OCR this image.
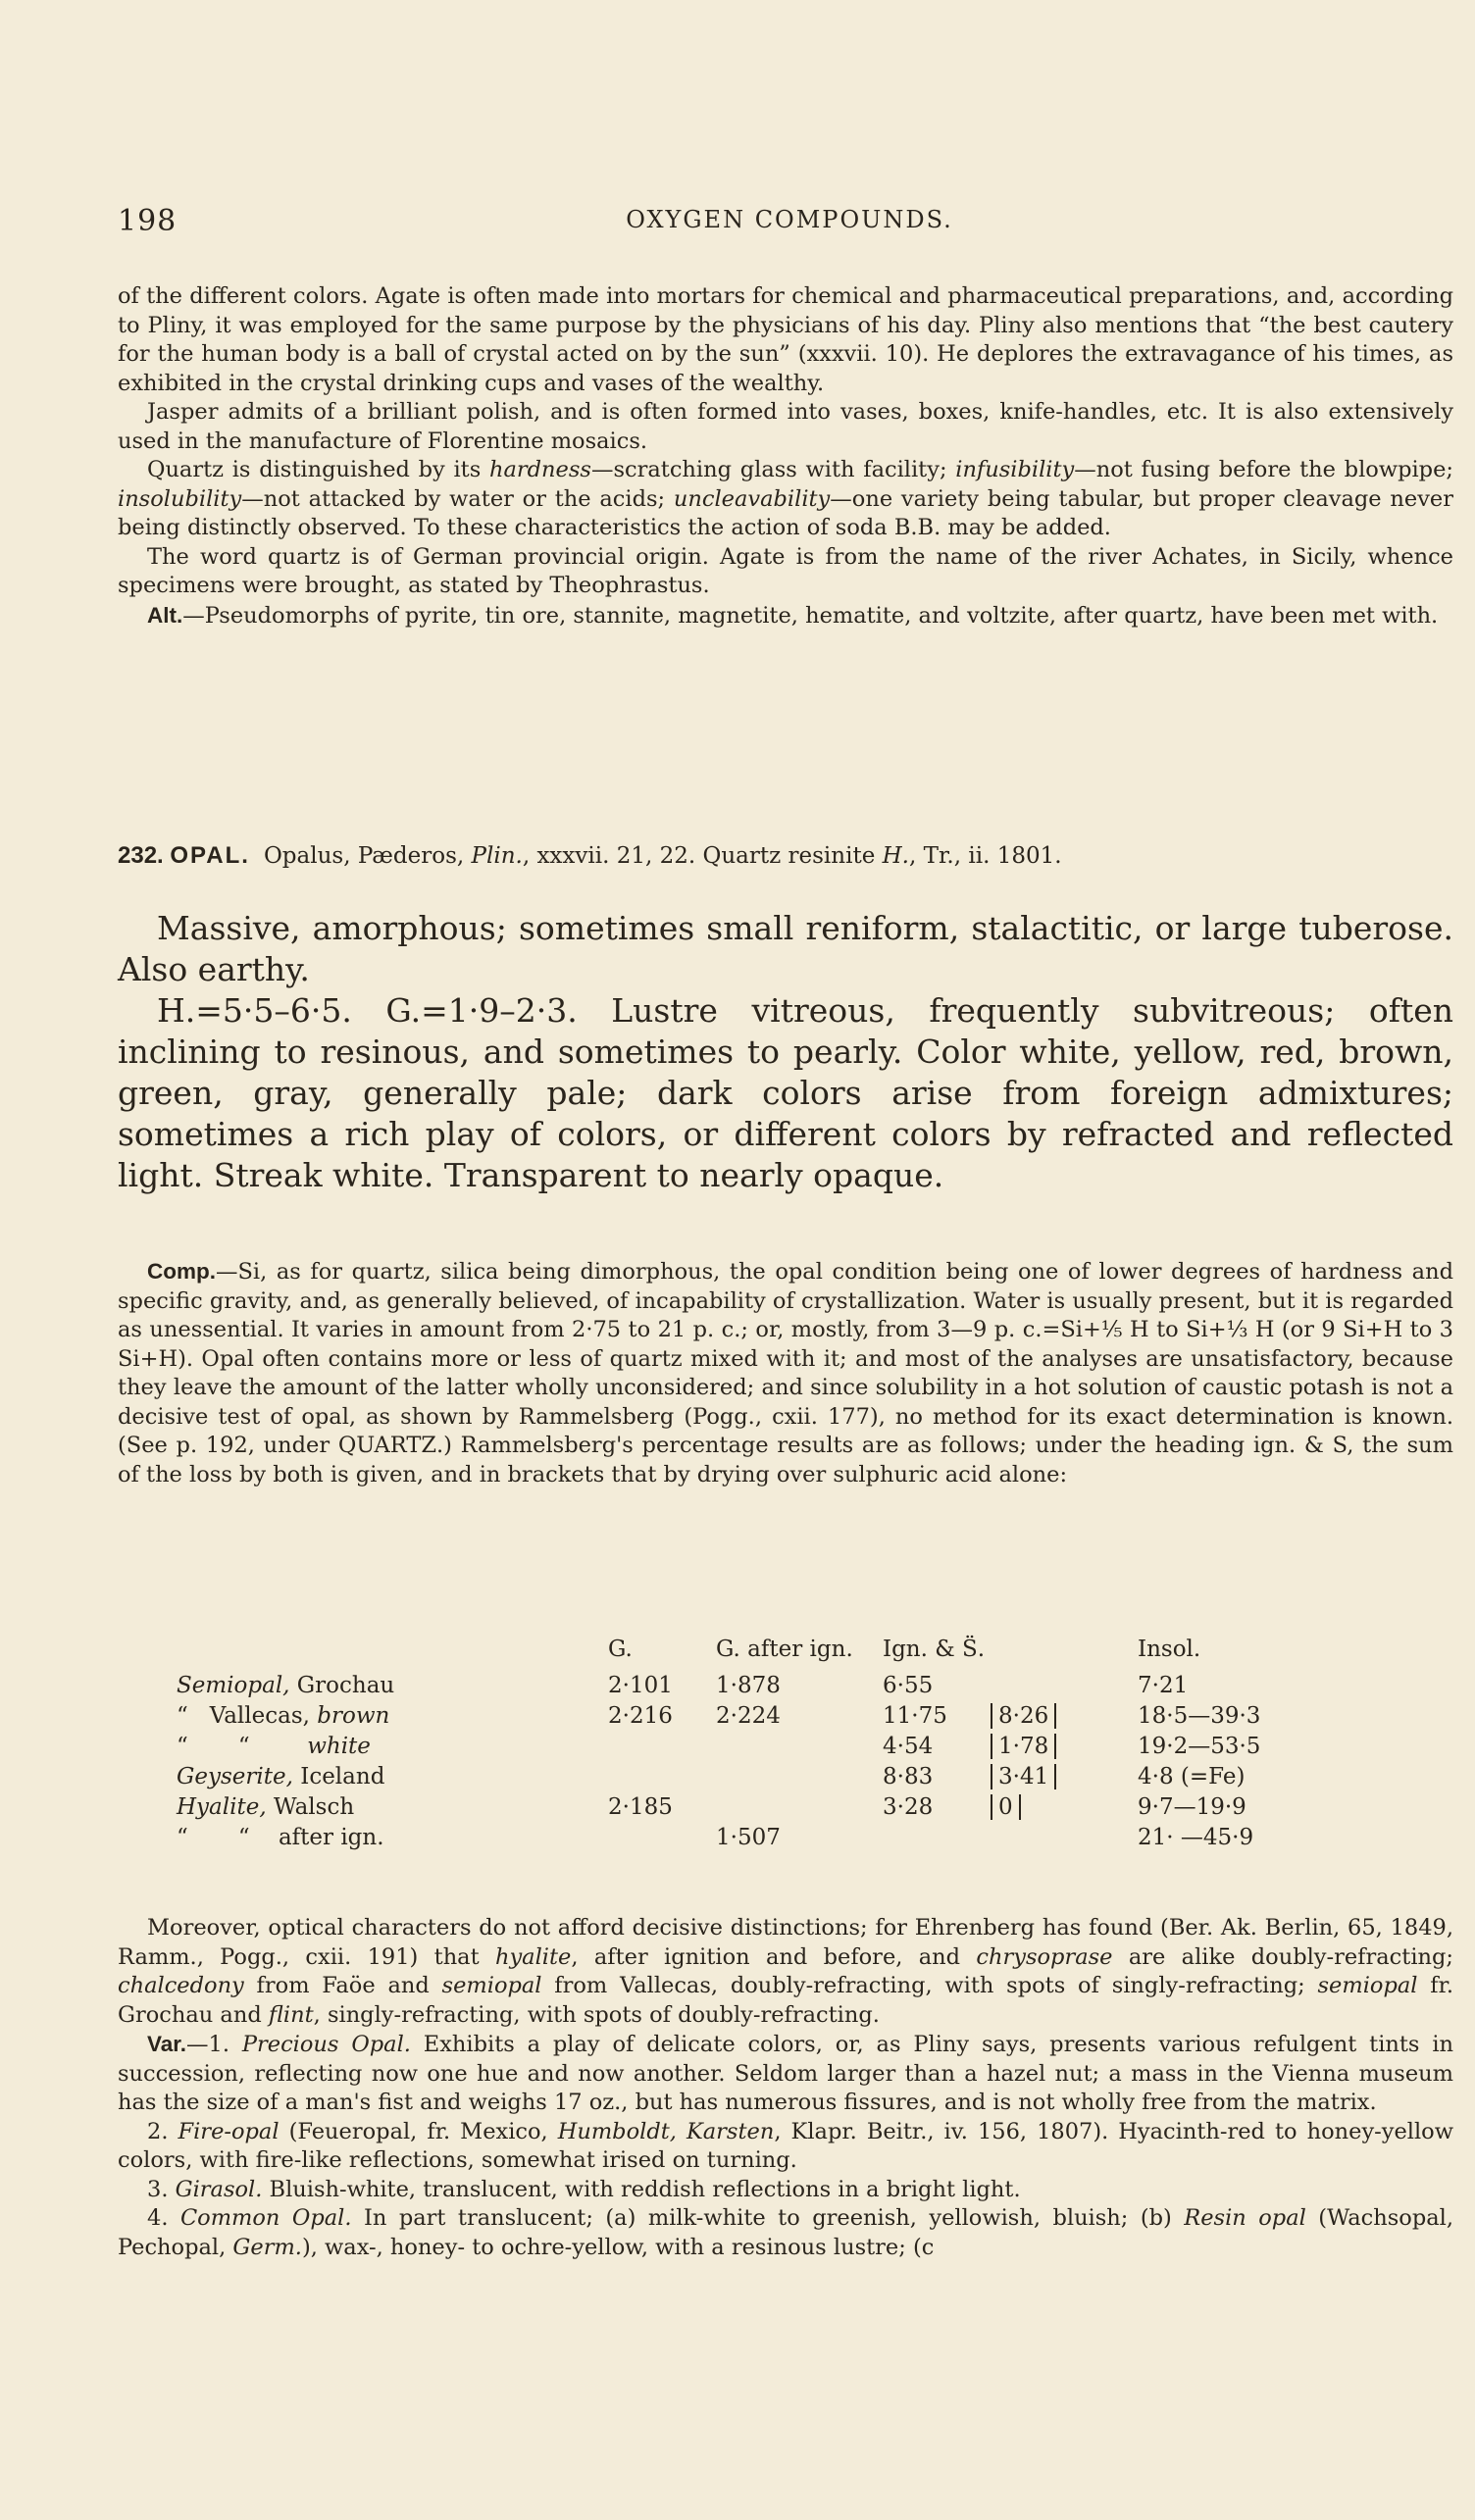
198	OXYGEN COMPOUNDS.

of the different colors. Agate is often made into mortars for chemical and pharmaceutical preparations, and, according to Pliny, it was employed for the same purpose by the physicians of his day. Pliny also mentions that “the best cautery for the human body is a ball of crystal acted on by the sun” (xxxvii. 10). He deplores the extravagance of his times, as exhibited in the crystal drinking cups and vases of the wealthy.

Jasper admits of a brilliant polish, and is often formed into vases, boxes, knife-handles, etc. It is also extensively used in the manufacture of Florentine mosaics.

Quartz is distinguished by its hardness—scratching glass with facility; infusibility—not fusing before the blowpipe; insolubility—not attacked by water or the acids; uncleavability—one variety being tabular, but proper cleavage never being distinctly observed. To these characteristics the action of soda B.B. may be added.

The word quartz is of German provincial origin. Agate is from the name of the river Achates, in Sicily, whence specimens were brought, as stated by Theophrastus.

Alt.—Pseudomorphs of pyrite, tin ore, stannite, magnetite, hematite, and voltzite, after quartz, have been met with.

232. OPAL. Opalus, Pæderos, Plin., xxxvii. 21, 22. Quartz resinite H., Tr., ii. 1801.

Massive, amorphous; sometimes small reniform, stalactitic, or large tuberose. Also earthy.

H.=5·5–6·5. G.=1·9–2·3. Lustre vitreous, frequently subvitreous; often inclining to resinous, and sometimes to pearly. Color white, yellow, red, brown, green, gray, generally pale; dark colors arise from foreign admixtures; sometimes a rich play of colors, or different colors by refracted and reflected light. Streak white. Transparent to nearly opaque.

Comp.—Si, as for quartz, silica being dimorphous, the opal condition being one of lower degrees of hardness and specific gravity, and, as generally believed, of incapability of crystallization. Water is usually present, but it is regarded as unessential. It varies in amount from 2·75 to 21 p. c.; or, mostly, from 3—9 p. c.=Si+⅕ H to Si+⅓ H (or 9 Si+H to 3 Si+H). Opal often contains more or less of quartz mixed with it; and most of the analyses are unsatisfactory, because they leave the amount of the latter wholly unconsidered; and since solubility in a hot solution of caustic potash is not a decisive test of opal, as shown by Rammelsberg (Pogg., cxii. 177), no method for its exact determination is known. (See p. 192, under QUARTZ.) Rammelsberg's percentage results are as follows; under the heading ign. & S, the sum of the loss by both is given, and in brackets that by drying over sulphuric acid alone:

	G.	G. after ign.	Ign. & S̈.		Insol.
Semiopal, Grochau	2·101	1·878	6·55		7·21
“   Vallecas, brown	2·216	2·224	11·75	8·26	18·5—39·3
“       “        white			4·54	1·78	19·2—53·5
Geyserite, Iceland			8·83	3·41	4·8 (=Fe)
Hyalite, Walsch	2·185		3·28	0	9·7—19·9
“       “    after ign.		1·507			21· —45·9

Moreover, optical characters do not afford decisive distinctions; for Ehrenberg has found (Ber. Ak. Berlin, 65, 1849, Ramm., Pogg., cxii. 191) that hyalite, after ignition and before, and chrysoprase are alike doubly-refracting; chalcedony from Faöe and semiopal from Vallecas, doubly-refracting, with spots of singly-refracting; semiopal fr. Grochau and flint, singly-refracting, with spots of doubly-refracting.

Var.—1. Precious Opal. Exhibits a play of delicate colors, or, as Pliny says, presents various refulgent tints in succession, reflecting now one hue and now another. Seldom larger than a hazel nut; a mass in the Vienna museum has the size of a man's fist and weighs 17 oz., but has numerous fissures, and is not wholly free from the matrix.

2. Fire-opal (Feueropal, fr. Mexico, Humboldt, Karsten, Klapr. Beitr., iv. 156, 1807). Hyacinth-red to honey-yellow colors, with fire-like reflections, somewhat irised on turning.

3. Girasol. Bluish-white, translucent, with reddish reflections in a bright light.

4. Common Opal. In part translucent; (a) milk-white to greenish, yellowish, bluish; (b) Resin opal (Wachsopal, Pechopal, Germ.), wax-, honey- to ochre-yellow, with a resinous lustre; (c
